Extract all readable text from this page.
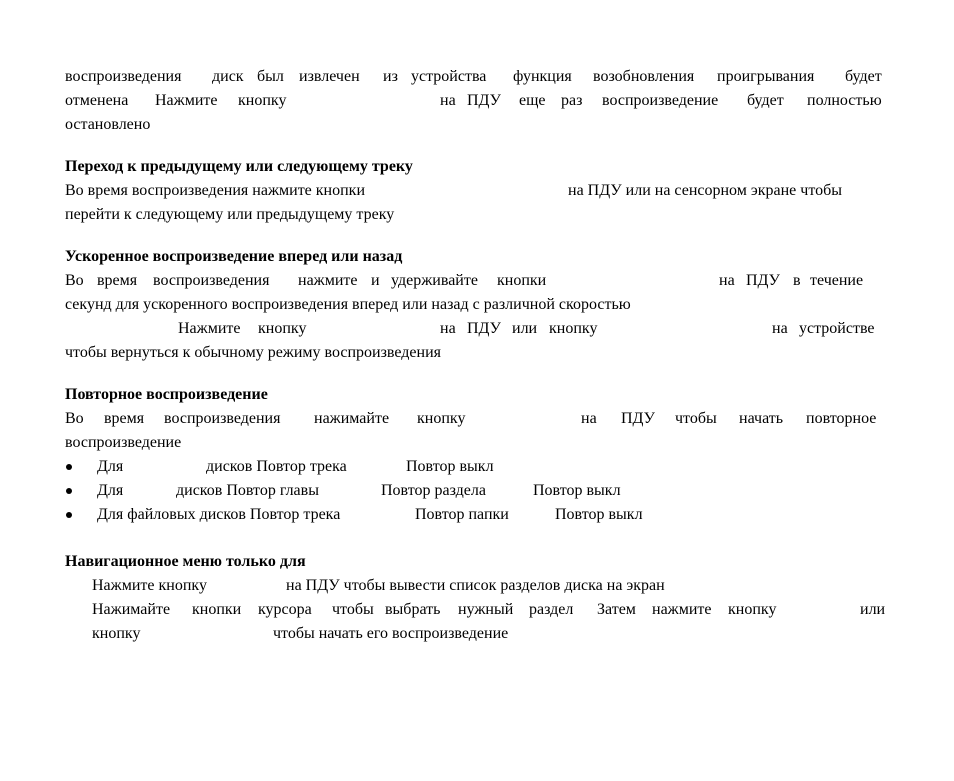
воспроизведения диск был извлечен из устройства функция возобновления проигрывания будет
отменена Нажмите кнопку	на ПДУ еще раз воспроизведение будет полностью
остановлено
Переход к предыдущему или следующему треку
Во время воспроизведения нажмите кнопки	на ПДУ или на сенсорном экране чтобы
перейти к следующему или предыдущему треку
Ускоренное воспроизведение вперед или назад
Во время воспроизведения нажмите и удерживайте кнопки	на ПДУ в течение
секунд для ускоренного воспроизведения вперед или назад с различной скоростью
Нажмите кнопку	на ПДУ или кнопку	на устройстве
чтобы вернуться к обычному режиму воспроизведения
Повторное воспроизведение
Во время воспроизведения нажимайте кнопку	на ПДУ чтобы начать повторное
воспроизведение
Для	дисков Повтор трека	Повтор выкл
Для	дисков Повтор главы	Повтор раздела	Повтор выкл
Для файловых дисков Повтор трека	Повтор папки	Повтор выкл
Навигационное меню только для
Нажмите кнопку	на ПДУ чтобы вывести список разделов диска на экран
Нажимайте кнопки курсора чтобы выбрать нужный раздел Затем нажмите кнопку	или
кнопку	чтобы начать его воспроизведение
